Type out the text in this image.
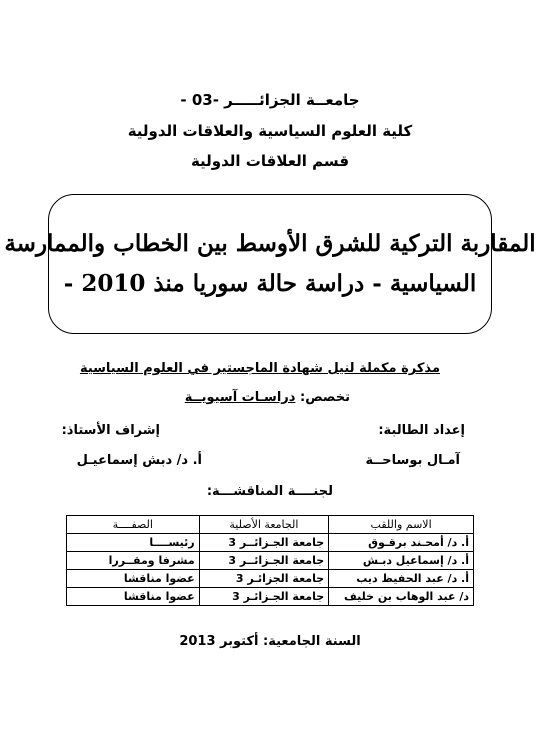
جامعــة الجزائـــــر -03 -
كلية العلوم السياسية والعلاقات الدولية
قسم العلاقات الدولية
المقاربة التركية للشرق الأوسط بين الخطاب والممارسة
السياسية - دراسة حالة سوريا منذ 2010 -
مذكرة مكملة لنيل شهادة الماجستير في العلوم السياسية
تخصص: دراسـات آسيويــة
إعداد الطالبة:
إشراف الأستاذ:
آمـال بوساحــة
أ. د/ دبش إسماعيـل
لجنــــة المناقشـــة:
الاسم واللقب	الجامعة الأصلية	الصفــــة
أ. د/ أمحـند برقـوق	جامعة الجـزائــر 3	رئيســــا
أ. د/ إسماعيل دبـش	جامعة الجـزائــر 3	مشرفا ومقــررا
أ. د/ عبد الحفيظ ديب	جامعة الجزائـر 3	عضوا مناقشا
د/ عبد الوهاب بن خليف	جامعة الجـزائـر 3	عضوا مناقشا
السنة الجامعية: أكتوبر 2013
